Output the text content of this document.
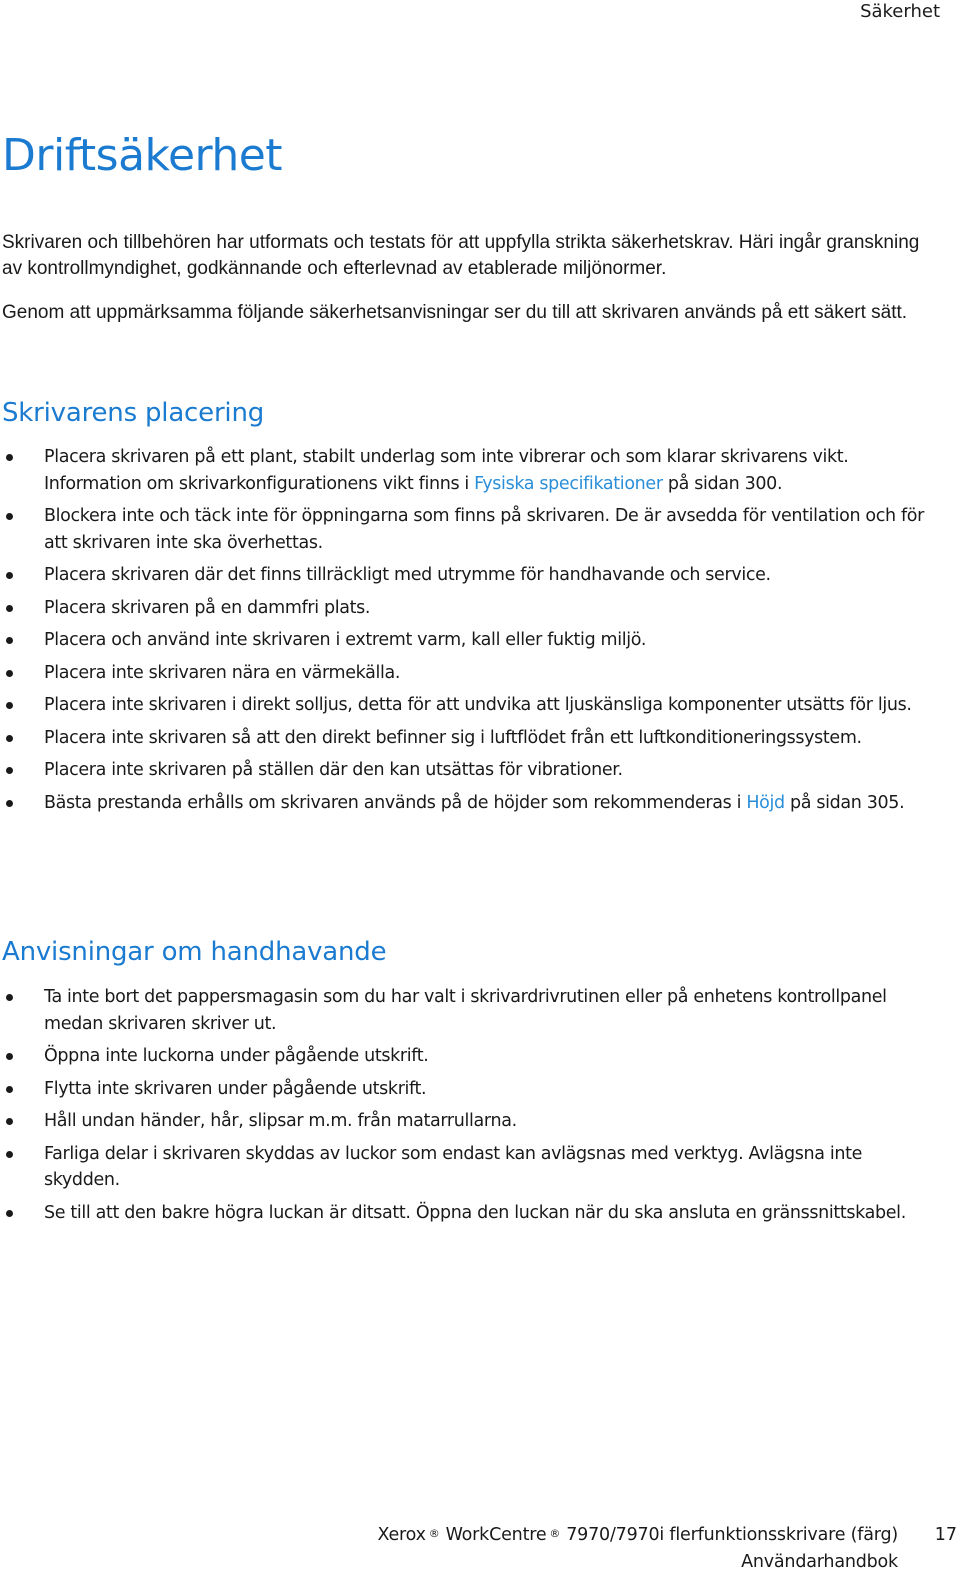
Säkerhet
Driftsäkerhet

Skrivaren och tillbehören har utformats och testats för att uppfylla strikta säkerhetskrav. Häri ingår granskning av kontrollmyndighet, godkännande och efterlevnad av etablerade miljönormer.

Genom att uppmärksamma följande säkerhetsanvisningar ser du till att skrivaren används på ett säkert sätt.

Skrivarens placering
Placera skrivaren på ett plant, stabilt underlag som inte vibrerar och som klarar skrivarens vikt. Information om skrivarkonfigurationens vikt finns i Fysiska specifikationer på sidan 300.
Blockera inte och täck inte för öppningarna som finns på skrivaren. De är avsedda för ventilation och för att skrivaren inte ska överhettas.
Placera skrivaren där det finns tillräckligt med utrymme för handhavande och service.
Placera skrivaren på en dammfri plats.
Placera och använd inte skrivaren i extremt varm, kall eller fuktig miljö.
Placera inte skrivaren nära en värmekälla.
Placera inte skrivaren i direkt solljus, detta för att undvika att ljuskänsliga komponenter utsätts för ljus.
Placera inte skrivaren så att den direkt befinner sig i luftflödet från ett luftkonditioneringssystem.
Placera inte skrivaren på ställen där den kan utsättas för vibrationer.
Bästa prestanda erhålls om skrivaren används på de höjder som rekommenderas i Höjd på sidan 305.
Anvisningar om handhavande
Ta inte bort det pappersmagasin som du har valt i skrivardrivrutinen eller på enhetens kontrollpanel medan skrivaren skriver ut.
Öppna inte luckorna under pågående utskrift.
Flytta inte skrivaren under pågående utskrift.
Håll undan händer, hår, slipsar m.m. från matarrullarna.
Farliga delar i skrivaren skyddas av luckor som endast kan avlägsnas med verktyg. Avlägsna inte skydden.
Se till att den bakre högra luckan är ditsatt. Öppna den luckan när du ska ansluta en gränssnittskabel.
Xerox ® WorkCentre ® 7970/7970i flerfunktionsskrivare (färg)
Användarhandbok
17
